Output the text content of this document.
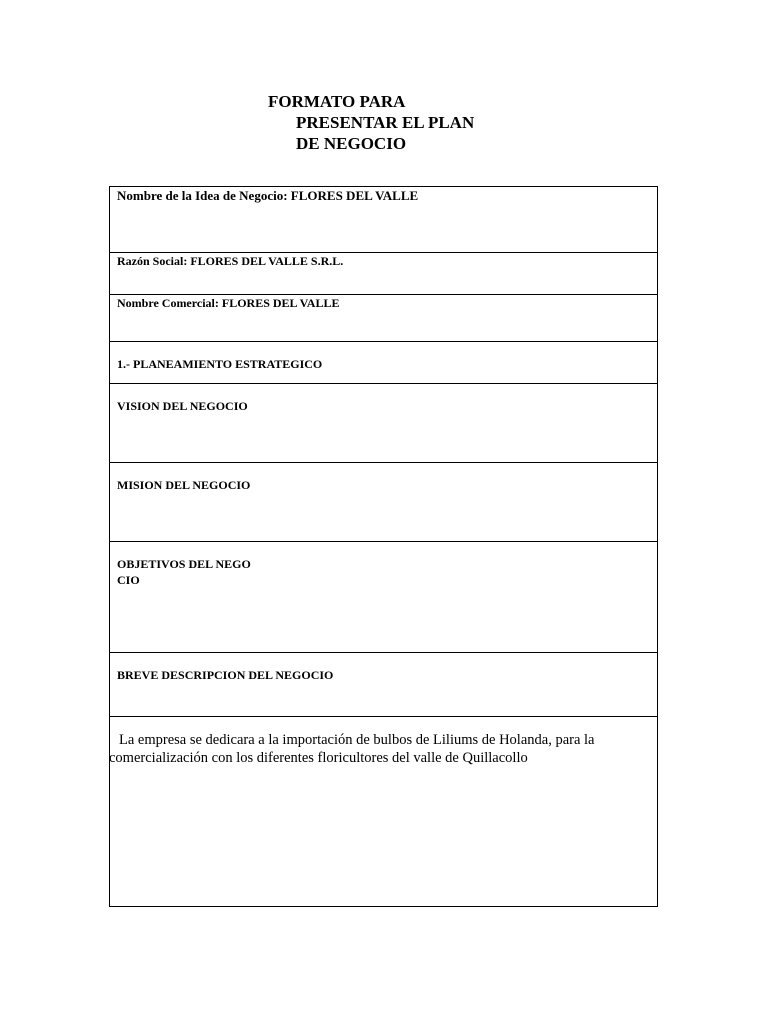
FORMATO PARA
PRESENTAR EL PLAN
DE NEGOCIO
Nombre de la Idea de Negocio: FLORES DEL VALLE
Razón Social: FLORES DEL VALLE S.R.L.
Nombre Comercial: FLORES DEL VALLE
1.- PLANEAMIENTO ESTRATEGICO
VISION DEL NEGOCIO
MISION DEL NEGOCIO
OBJETIVOS DEL NEGO
CIO
BREVE DESCRIPCION DEL NEGOCIO
La empresa se dedicara a la importación de bulbos de Liliums de Holanda, para la
comercialización con los diferentes floricultores del valle de Quillacollo
